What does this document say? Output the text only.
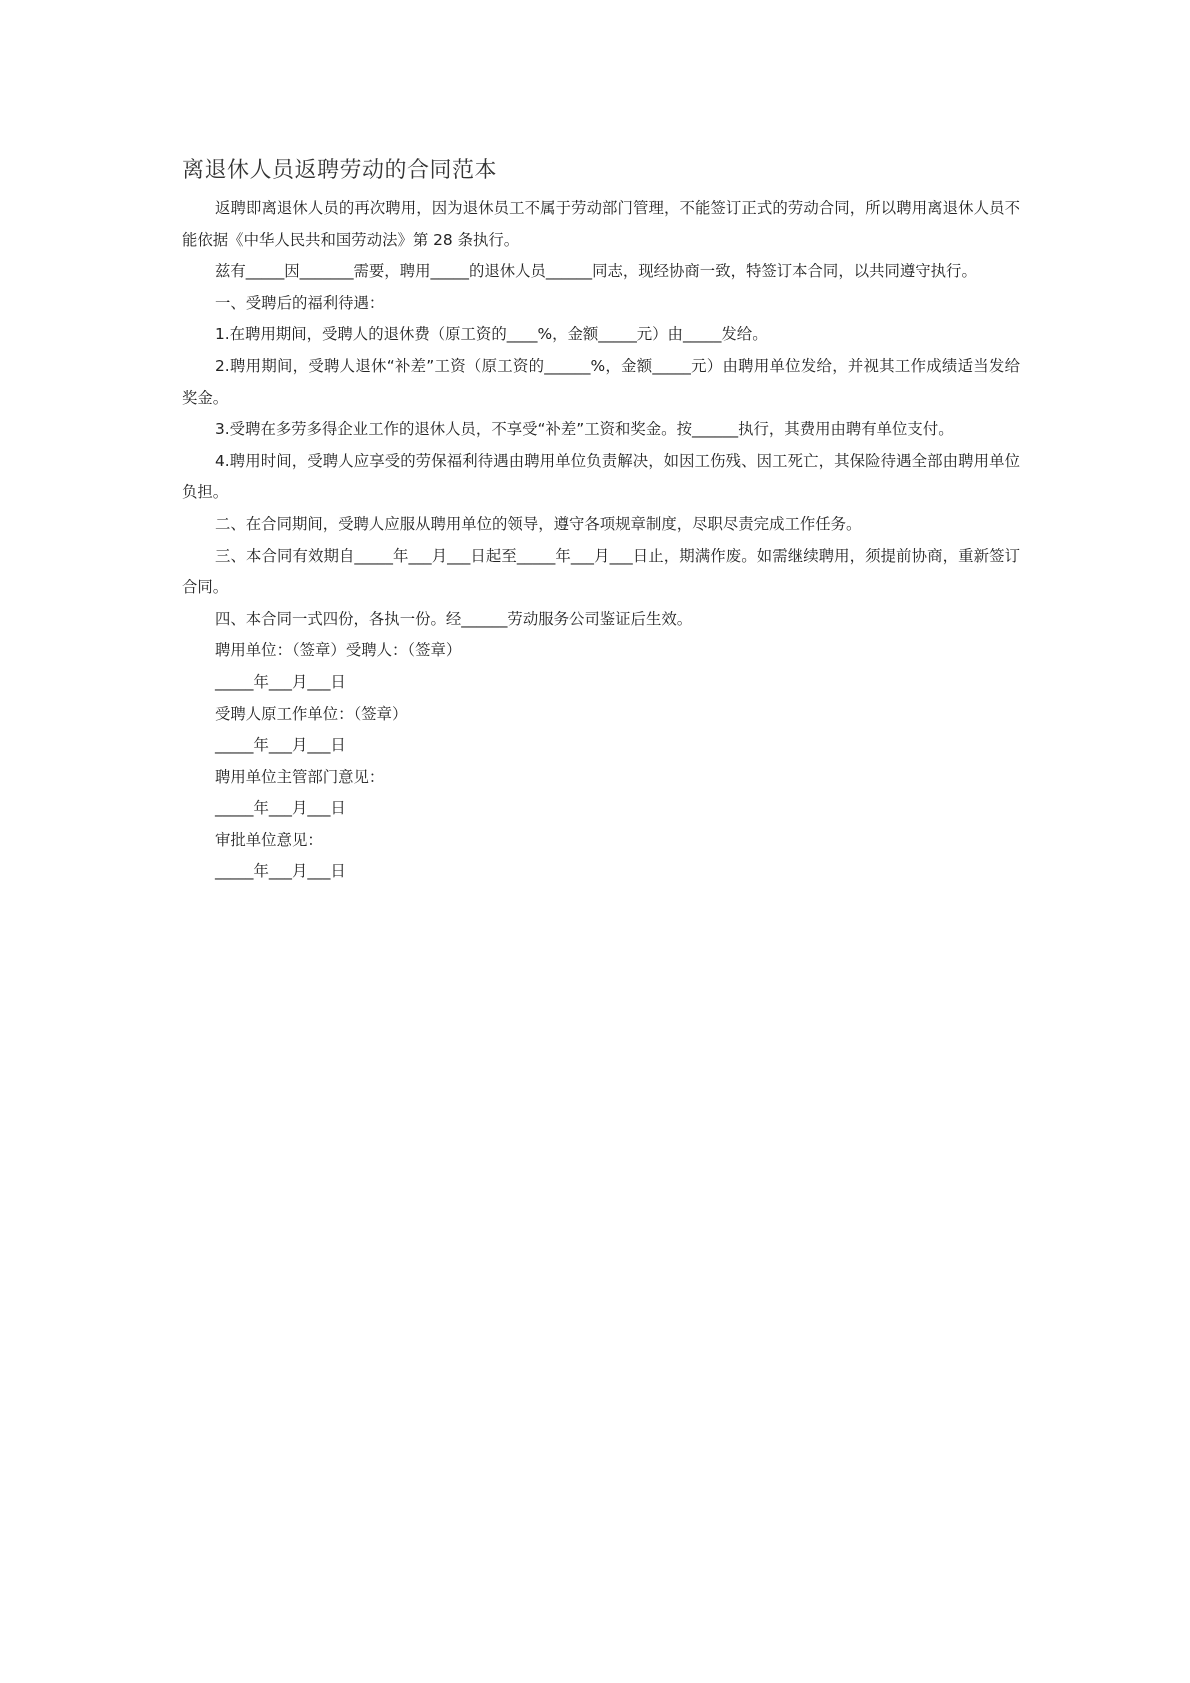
离退休人员返聘劳动的合同范本

返聘即离退休人员的再次聘用，因为退休员工不属于劳动部门管理，不能签订正式的劳动合同，所以聘用离退休人员不能依据《中华人民共和国劳动法》第 28 条执行。

兹有_____因_______需要，聘用_____的退休人员______同志，现经协商一致，特签订本合同，以共同遵守执行。

一、受聘后的福利待遇：

1.在聘用期间，受聘人的退休费（原工资的____%，金额_____元）由_____发给。

2.聘用期间，受聘人退休“补差”工资（原工资的______%，金额_____元）由聘用单位发给，并视其工作成绩适当发给奖金。

3.受聘在多劳多得企业工作的退休人员，不享受“补差”工资和奖金。按______执行，其费用由聘有单位支付。

4.聘用时间，受聘人应享受的劳保福利待遇由聘用单位负责解决，如因工伤残、因工死亡，其保险待遇全部由聘用单位负担。

二、在合同期间，受聘人应服从聘用单位的领导，遵守各项规章制度，尽职尽责完成工作任务。

三、本合同有效期自_____年___月___日起至_____年___月___日止，期满作废。如需继续聘用，须提前协商，重新签订合同。

四、本合同一式四份，各执一份。经______劳动服务公司鉴证后生效。

聘用单位：（签章）受聘人：（签章）

_____年___月___日

受聘人原工作单位：（签章）

_____年___月___日

聘用单位主管部门意见：

_____年___月___日

审批单位意见：

_____年___月___日
